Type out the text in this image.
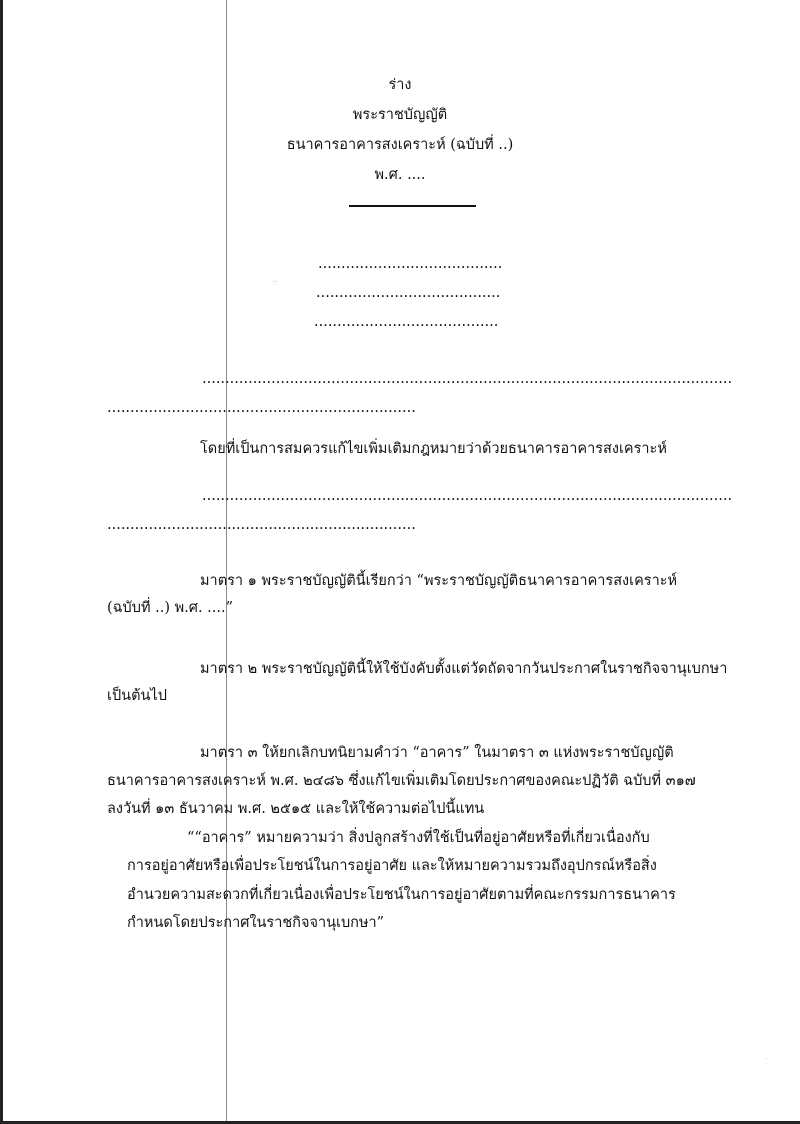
ร่าง
พระราชบัญญัติ
ธนาคารอาคารสงเคราะห์ (ฉบับที่ ..)
พ.ศ. ....
........................................
........................................
........................................
·:·
...................................................................................................................
...................................................................
โดยที่เป็นการสมควรแก้ไขเพิ่มเติมกฎหมายว่าด้วยธนาคารอาคารสงเคราะห์
...................................................................................................................
...................................................................
มาตรา ๑ พระราชบัญญัตินี้เรียกว่า “พระราชบัญญัติธนาคารอาคารสงเคราะห์
(ฉบับที่ ..) พ.ศ. ....”
มาตรา ๒ พระราชบัญญัตินี้ให้ใช้บังคับตั้งแต่วัดถัดจากวันประกาศในราชกิจจานุเบกษา
เป็นต้นไป
มาตรา ๓ ให้ยกเลิกบทนิยามคำว่า “อาคาร” ในมาตรา ๓ แห่งพระราชบัญญัติ
ธนาคารอาคารสงเคราะห์ พ.ศ. ๒๔๘๖ ซึ่งแก้ไขเพิ่มเติมโดยประกาศของคณะปฏิวัติ ฉบับที่ ๓๑๗
ลงวันที่ ๑๓ ธันวาคม พ.ศ. ๒๕๑๕ และให้ใช้ความต่อไปนี้แทน
““อาคาร” หมายความว่า สิ่งปลูกสร้างที่ใช้เป็นที่อยู่อาศัยหรือที่เกี่ยวเนื่องกับ
การอยู่อาศัยหรือเพื่อประโยชน์ในการอยู่อาศัย และให้หมายความรวมถึงอุปกรณ์หรือสิ่ง
อำนวยความสะดวกที่เกี่ยวเนื่องเพื่อประโยชน์ในการอยู่อาศัยตามที่คณะกรรมการธนาคาร
กำหนดโดยประกาศในราชกิจจานุเบกษา”
·
